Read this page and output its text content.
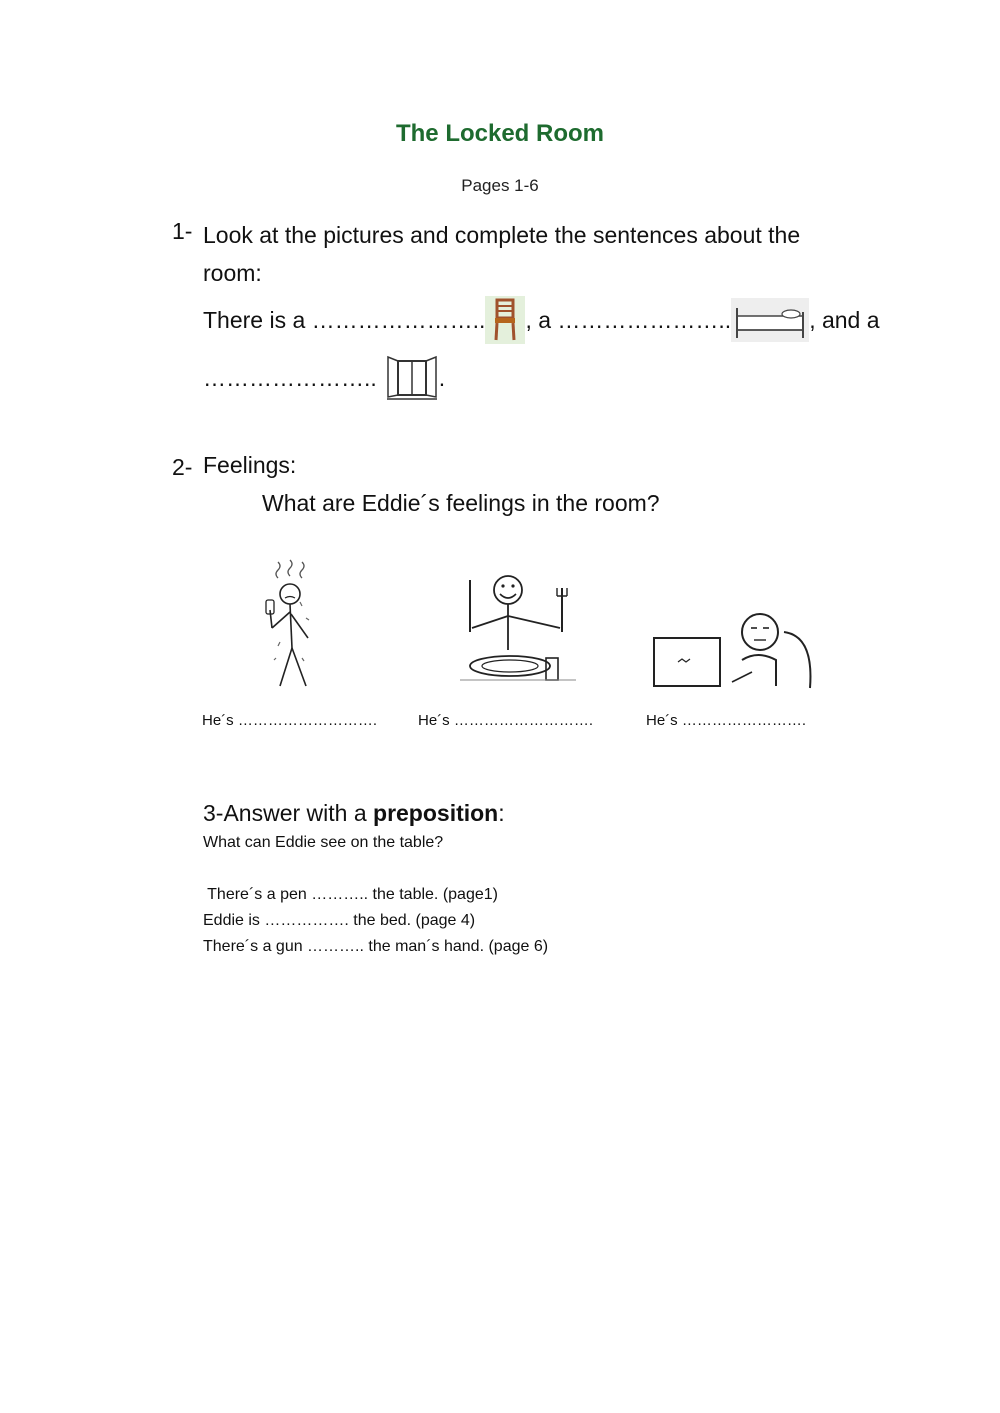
The Locked Room
Pages 1-6
1- Look at the pictures and complete the sentences about the
room:
There is a ………………….. , a …………………..	, and a
…………………..	.
2- Feelings:
What are Eddie´s feelings in the room?
He´s ……………………….	He´s ……………………….	He´s …………………….
3-Answer with a preposition:
What can Eddie see on the table?
There´s a pen ……….. the table. (page1)
Eddie is ……………. the bed. (page 4)
There´s a gun ……….. the man´s hand. (page 6)
